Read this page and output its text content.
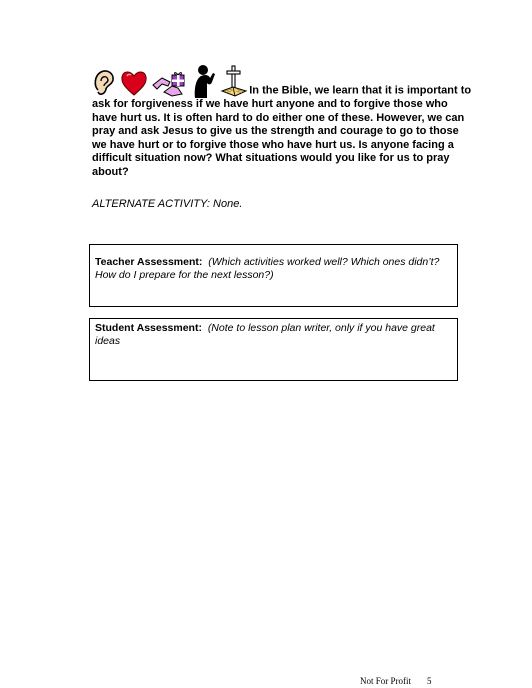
In the Bible, we learn that it is important to ask for forgiveness if we have hurt anyone and to forgive those who have hurt us. It is often hard to do either one of these. However, we can pray and ask Jesus to give us the strength and courage to go to those we have hurt or to forgive those who have hurt us. Is anyone facing a difficult situation now? What situations would you like for us to pray about?
ALTERNATE ACTIVITY: None.
Teacher Assessment: (Which activities worked well? Which ones didn’t? How do I prepare for the next lesson?)
Student Assessment: (Note to lesson plan writer, only if you have great ideas
Not For Profit 5
